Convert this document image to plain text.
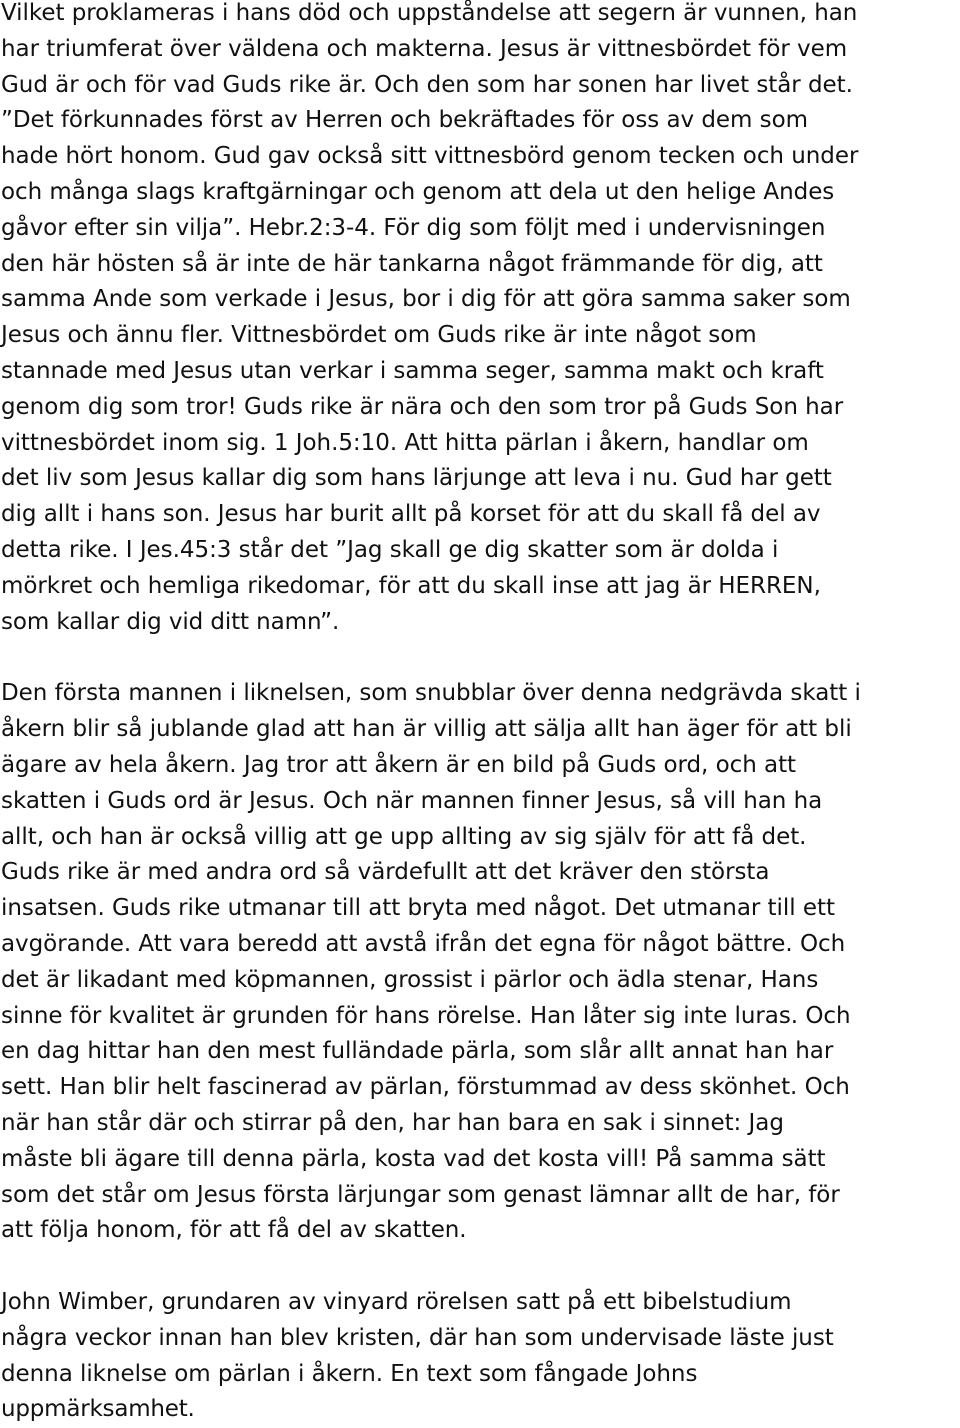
Vilket proklameras i hans död och uppståndelse att segern är vunnen, han
har triumferat över väldena och makterna. Jesus är vittnesbördet för vem
Gud är och för vad Guds rike är. Och den som har sonen har livet står det.
”Det förkunnades först av Herren och bekräftades för oss av dem som
hade hört honom. Gud gav också sitt vittnesbörd genom tecken och under
och många slags kraftgärningar och genom att dela ut den helige Andes
gåvor efter sin vilja”. Hebr.2:3-4. För dig som följt med i undervisningen
den här hösten så är inte de här tankarna något främmande för dig, att
samma Ande som verkade i Jesus, bor i dig för att göra samma saker som
Jesus och ännu fler. Vittnesbördet om Guds rike är inte något som
stannade med Jesus utan verkar i samma seger, samma makt och kraft
genom dig som tror! Guds rike är nära och den som tror på Guds Son har
vittnesbördet inom sig. 1 Joh.5:10. Att hitta pärlan i åkern, handlar om
det liv som Jesus kallar dig som hans lärjunge att leva i nu. Gud har gett
dig allt i hans son. Jesus har burit allt på korset för att du skall få del av
detta rike. I Jes.45:3 står det ”Jag skall ge dig skatter som är dolda i
mörkret och hemliga rikedomar, för att du skall inse att jag är HERREN,
som kallar dig vid ditt namn”.
Den första mannen i liknelsen, som snubblar över denna nedgrävda skatt i
åkern blir så jublande glad att han är villig att sälja allt han äger för att bli
ägare av hela åkern. Jag tror att åkern är en bild på Guds ord, och att
skatten i Guds ord är Jesus. Och när mannen finner Jesus, så vill han ha
allt, och han är också villig att ge upp allting av sig själv för att få det.
Guds rike är med andra ord så värdefullt att det kräver den största
insatsen. Guds rike utmanar till att bryta med något. Det utmanar till ett
avgörande. Att vara beredd att avstå ifrån det egna för något bättre. Och
det är likadant med köpmannen, grossist i pärlor och ädla stenar, Hans
sinne för kvalitet är grunden för hans rörelse. Han låter sig inte luras. Och
en dag hittar han den mest fulländade pärla, som slår allt annat han har
sett. Han blir helt fascinerad av pärlan, förstummad av dess skönhet. Och
när han står där och stirrar på den, har han bara en sak i sinnet: Jag
måste bli ägare till denna pärla, kosta vad det kosta vill! På samma sätt
som det står om Jesus första lärjungar som genast lämnar allt de har, för
att följa honom, för att få del av skatten.
John Wimber, grundaren av vinyard rörelsen satt på ett bibelstudium
några veckor innan han blev kristen, där han som undervisade läste just
denna liknelse om pärlan i åkern. En text som fångade Johns
uppmärksamhet.
